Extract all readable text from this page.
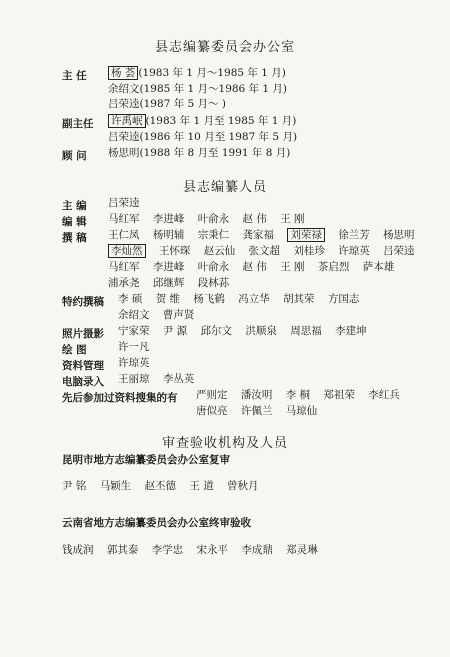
县志编纂委员会办公室
主 任 杨 荟 (1983 年 1 月～1985 年 1 月)
余绍文(1985 年 1 月～1986 年 1 月)
吕荣逵(1987 年 5 月～ )
副主任 许禹岷 (1983 年 1 月至 1985 年 1 月)
吕荣逵(1986 年 10 月至 1987 年 5 月)
顾 问 杨思明(1988 年 8 月至 1991 年 8 月)
县志编纂人员
主 编 吕荣逵
编 辑 马红军 李进峰 叶俞永 赵 伟 王 刚
撰 稿 王仁凤 杨明辅 宗秉仁 龚家福 刘荣禄 徐兰芳 杨思明
李灿然 王怀琛 赵云仙 张文超 刘桂珍 许琼英 吕荣逵
马红军 李进峰 叶俞永 赵 伟 王 刚 茶启烈 萨本雄
浦承尧 邱继辉 段林荪
特约撰稿 李 硕 贺 维 杨飞鹤 冯立华 胡其荣 方国志
余绍文 曹声贤
照片摄影 宁家荣 尹 源 邱尔文 洪顺泉 周思福 李建坤
绘 图	许一凡
资料管理 许琼英
电脑录入 王丽琼 李丛英
先后参加过资料搜集的有 严则定 潘汝明 李 桐 郑祖荣 李红兵
唐似亮 许佩兰 马琼仙
审查验收机构及人员
昆明市地方志编纂委员会办公室复审
尹 铭 马颖生 赵丕德 王 道 曾秋月
云南省地方志编纂委员会办公室终审验收
钱成润 郭其泰 李学忠 宋永平 李成鼎 郑灵琳
